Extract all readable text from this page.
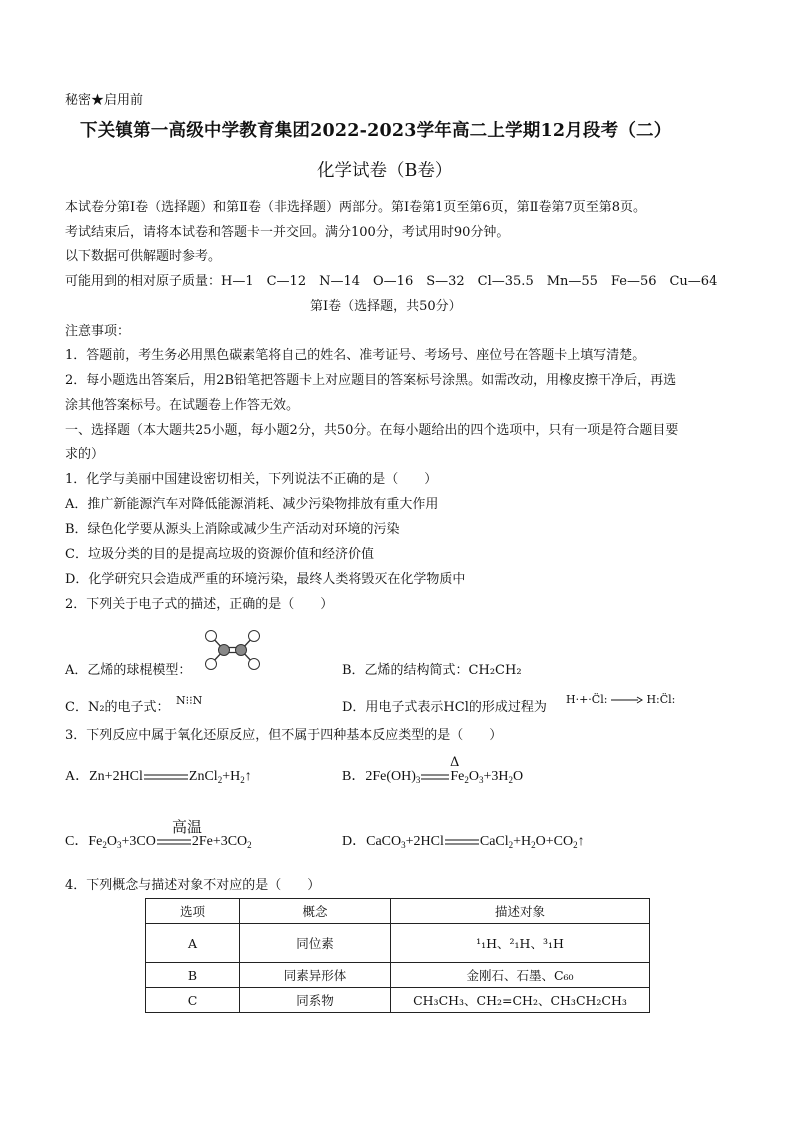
秘密★启用前
下关镇第一高级中学教育集团2022-2023学年高二上学期12月段考（二）
化学试卷（B卷）
本试卷分第Ⅰ卷（选择题）和第Ⅱ卷（非选择题）两部分。第Ⅰ卷第1页至第6页，第Ⅱ卷第7页至第8页。
考试结束后，请将本试卷和答题卡一并交回。满分100分，考试用时90分钟。
以下数据可供解题时参考。
可能用到的相对原子质量：H—1　C—12　N—14　O—16　S—32　Cl—35.5　Mn—55　Fe—56　Cu—64
第Ⅰ卷（选择题，共50分）
注意事项：
1．答题前，考生务必用黑色碳素笔将自己的姓名、准考证号、考场号、座位号在答题卡上填写清楚。
2．每小题选出答案后，用2B铅笔把答题卡上对应题目的答案标号涂黑。如需改动，用橡皮擦干净后，再选
涂其他答案标号。在试题卷上作答无效。
一、选择题（本大题共25小题，每小题2分，共50分。在每小题给出的四个选项中，只有一项是符合题目要
求的）
1．化学与美丽中国建设密切相关，下列说法不正确的是（　　）
A．推广新能源汽车对降低能源消耗、减少污染物排放有重大作用
B．绿色化学要从源头上消除或减少生产活动对环境的污染
C．垃圾分类的目的是提高垃圾的资源价值和经济价值
D．化学研究只会造成严重的环境污染，最终人类将毁灭在化学物质中
2．下列关于电子式的描述，正确的是（　　）
A．乙烯的球棍模型：	B．乙烯的结构简式：CH₂CH₂
C．N₂的电子式： N⁝⁝N	D．用电子式表示HCl的形成过程为
H·+·C̈l:	H:C̈l:
3．下列反应中属于氧化还原反应，但不属于四种基本反应类型的是（　　）
A．Zn+2HCl	$ZnCl_2+H_2↑$
Δ
B．$2Fe(OH)_3$ $Fe_2O_3+3H_2O$
高温
C．$Fe_2O_3+3CO$	$2Fe+3CO_2$	D．CaCO$_3$+2HCl	$CaCl_2+H_2O+CO_2↑$
4．下列概念与描述对象不对应的是（　　）
选项	概念	描述对象
A	同位素	¹₁H、²₁H、³₁H
B	同素异形体	金刚石、石墨、C₆₀
C	同系物	CH₃CH₃、CH₂=CH₂、CH₃CH₂CH₃
